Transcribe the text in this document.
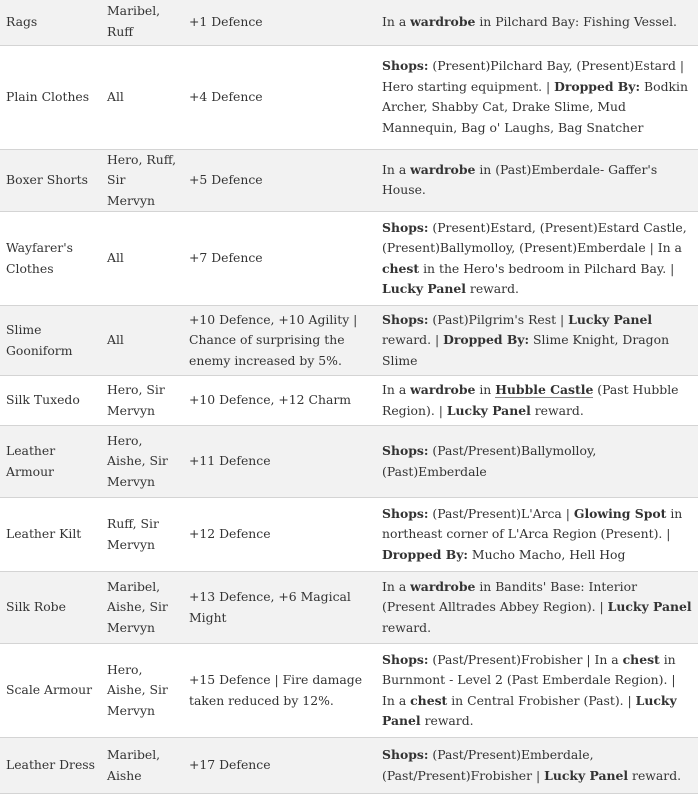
Rags	Maribel, Ruff	+1 Defence	In a wardrobe in Pilchard Bay: Fishing Vessel.
Plain Clothes	All	+4 Defence	Shops: (Present)Pilchard Bay, (Present)Estard | Hero starting equipment. | Dropped By: Bodkin Archer, Shabby Cat, Drake Slime, Mud Mannequin, Bag o' Laughs, Bag Snatcher
Boxer Shorts	Hero, Ruff, Sir Mervyn	+5 Defence	In a wardrobe in (Past)Emberdale- Gaffer's House.
Wayfarer's Clothes	All	+7 Defence	Shops: (Present)Estard, (Present)Estard Castle, (Present)Ballymolloy, (Present)Emberdale | In a chest in the Hero's bedroom in Pilchard Bay. | Lucky Panel reward.
Slime Gooniform	All	+10 Defence, +10 Agility | Chance of surprising the enemy increased by 5%.	Shops: (Past)Pilgrim's Rest | Lucky Panel reward. | Dropped By: Slime Knight, Dragon Slime
Silk Tuxedo	Hero, Sir Mervyn	+10 Defence, +12 Charm	In a wardrobe in Hubble Castle (Past Hubble Region). | Lucky Panel reward.
Leather Armour	Hero, Aishe, Sir Mervyn	+11 Defence	Shops: (Past/Present)Ballymolloy, (Past)Emberdale
Leather Kilt	Ruff, Sir Mervyn	+12 Defence	Shops: (Past/Present)L'Arca | Glowing Spot in northeast corner of L'Arca Region (Present). | Dropped By: Mucho Macho, Hell Hog
Silk Robe	Maribel, Aishe, Sir Mervyn	+13 Defence, +6 Magical Might	In a wardrobe in Bandits' Base: Interior (Present Alltrades Abbey Region). | Lucky Panel reward.
Scale Armour	Hero, Aishe, Sir Mervyn	+15 Defence | Fire damage taken reduced by 12%.	Shops: (Past/Present)Frobisher | In a chest in Burnmont - Level 2 (Past Emberdale Region). | In a chest in Central Frobisher (Past). | Lucky Panel reward.
Leather Dress	Maribel, Aishe	+17 Defence	Shops: (Past/Present)Emberdale, (Past/Present)Frobisher | Lucky Panel reward.
